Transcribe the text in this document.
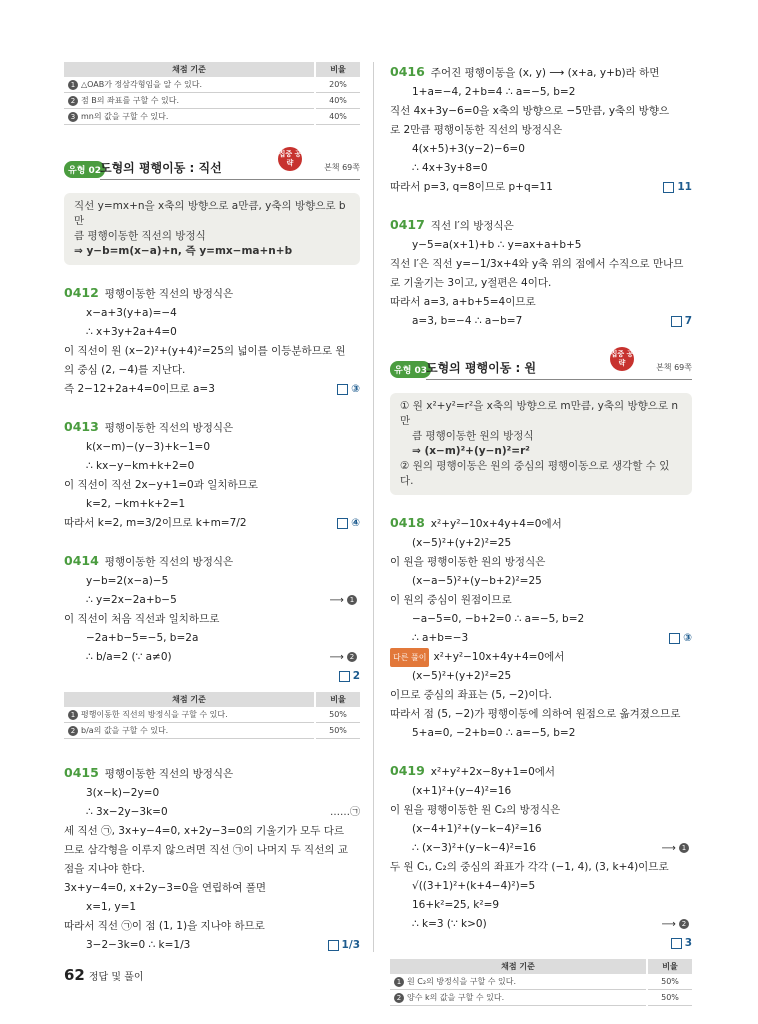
채점 기준	비율
1 △OAB가 정삼각형임을 알 수 있다.	20%
2 점 B의 좌표를 구할 수 있다.	40%
3 mn의 값을 구할 수 있다.	40%
유형 02
도형의 평행이동 : 직선
집중 공략	본책 69쪽
직선 y=mx+n을 x축의 방향으로 a만큼, y축의 방향으로 b만
큼 평행이동한 직선의 방정식
⇒ y−b=m(x−a)+n, 즉 y=mx−ma+n+b
0412 평행이동한 직선의 방정식은
x−a+3(y+a)=−4
∴ x+3y+2a+4=0
이 직선이 원 (x−2)²+(y+4)²=25의 넓이를 이등분하므로 원
의 중심 (2, −4)를 지난다.
즉 2−12+2a+4=0이므로 a=3	③
0413 평행이동한 직선의 방정식은
k(x−m)−(y−3)+k−1=0
∴ kx−y−km+k+2=0
이 직선이 직선 2x−y+1=0과 일치하므로
k=2, −km+k+2=1
따라서 k=2, m=3/2이므로 k+m=7/2	④
0414 평행이동한 직선의 방정식은
y−b=2(x−a)−5
∴ y=2x−2a+b−5	⟶ 1
이 직선이 처음 직선과 일치하므로
−2a+b−5=−5, b=2a
∴ b/a=2 (∵ a≠0)	⟶ 2
2
채점 기준	비율
1 평행이동한 직선의 방정식을 구할 수 있다.	50%
2 b/a의 값을 구할 수 있다.	50%
0415 평행이동한 직선의 방정식은
3(x−k)−2y=0
∴ 3x−2y−3k=0	……㉠
세 직선 ㉠, 3x+y−4=0, x+2y−3=0의 기울기가 모두 다르
므로 삼각형을 이루지 않으려면 직선 ㉠이 나머지 두 직선의 교
점을 지나야 한다.
3x+y−4=0, x+2y−3=0을 연립하여 풀면
x=1, y=1
따라서 직선 ㉠이 점 (1, 1)을 지나야 하므로
3−2−3k=0 ∴ k=1/3	1/3
0416 주어진 평행이동을 (x, y) ⟶ (x+a, y+b)라 하면
1+a=−4, 2+b=4 ∴ a=−5, b=2
직선 4x+3y−6=0을 x축의 방향으로 −5만큼, y축의 방향으
로 2만큼 평행이동한 직선의 방정식은
4(x+5)+3(y−2)−6=0
∴ 4x+3y+8=0
따라서 p=3, q=8이므로 p+q=11	11
0417 직선 l′의 방정식은
y−5=a(x+1)+b ∴ y=ax+a+b+5
직선 l′은 직선 y=−1/3x+4와 y축 위의 점에서 수직으로 만나므
로 기울기는 3이고, y절편은 4이다.
따라서 a=3, a+b+5=4이므로
a=3, b=−4 ∴ a−b=7	7
유형 03
도형의 평행이동 : 원
집중 공략	본책 69쪽
① 원 x²+y²=r²을 x축의 방향으로 m만큼, y축의 방향으로 n만
큼 평행이동한 원의 방정식
⇒ (x−m)²+(y−n)²=r²
② 원의 평행이동은 원의 중심의 평행이동으로 생각할 수 있다.
0418 x²+y²−10x+4y+4=0에서
(x−5)²+(y+2)²=25
이 원을 평행이동한 원의 방정식은
(x−a−5)²+(y−b+2)²=25
이 원의 중심이 원점이므로
−a−5=0, −b+2=0 ∴ a=−5, b=2
∴ a+b=−3	③
다른 풀이 x²+y²−10x+4y+4=0에서
(x−5)²+(y+2)²=25
이므로 중심의 좌표는 (5, −2)이다.
따라서 점 (5, −2)가 평행이동에 의하여 원점으로 옮겨졌으므로
5+a=0, −2+b=0 ∴ a=−5, b=2
0419 x²+y²+2x−8y+1=0에서
(x+1)²+(y−4)²=16
이 원을 평행이동한 원 C₂의 방정식은
(x−4+1)²+(y−k−4)²=16
∴ (x−3)²+(y−k−4)²=16	⟶ 1
두 원 C₁, C₂의 중심의 좌표가 각각 (−1, 4), (3, k+4)이므로
√((3+1)²+(k+4−4)²)=5
16+k²=25, k²=9
∴ k=3 (∵ k>0)	⟶ 2
3
채점 기준	비율
1 원 C₂의 방정식을 구할 수 있다.	50%
2 양수 k의 값을 구할 수 있다.	50%
62 정답 및 풀이
